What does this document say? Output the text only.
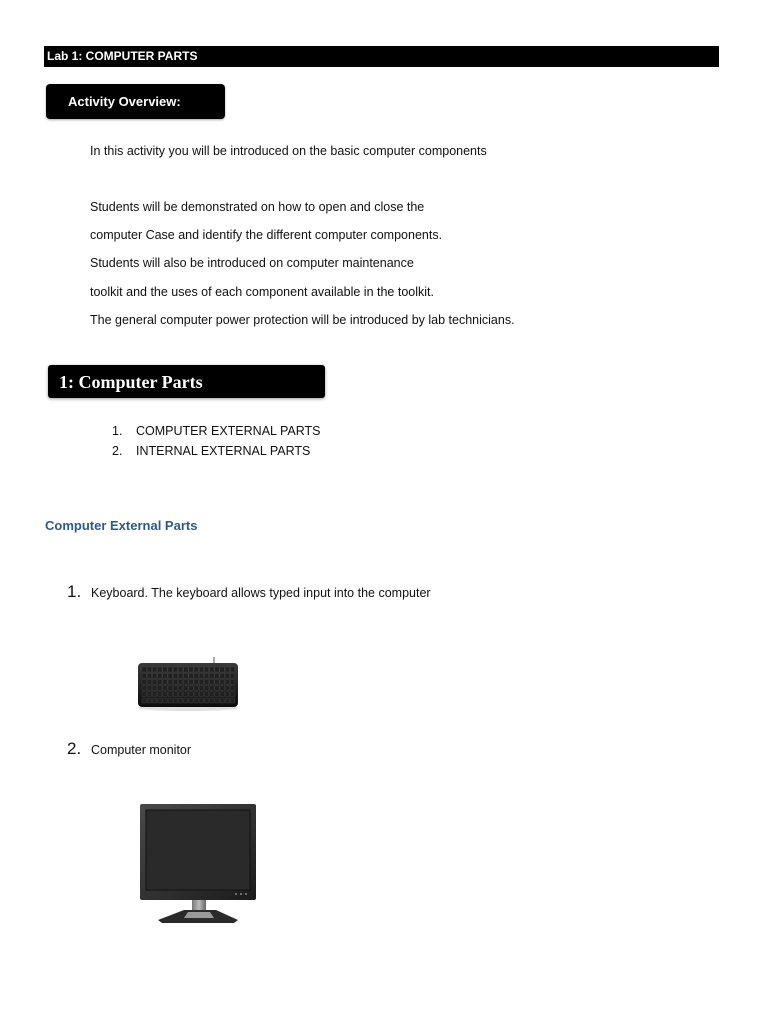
Lab 1: COMPUTER PARTS
Activity Overview:
In this activity you will be introduced on the basic computer components
Students will be demonstrated on how to open and close the
computer Case and identify the different computer components.
Students will also be introduced on computer maintenance
toolkit and the uses of each component available in the toolkit.
The general computer power protection will be introduced by lab technicians.
1: Computer Parts
1. COMPUTER EXTERNAL PARTS
2. INTERNAL EXTERNAL PARTS
Computer External Parts
1. Keyboard. The keyboard allows typed input into the computer
2. Computer monitor
